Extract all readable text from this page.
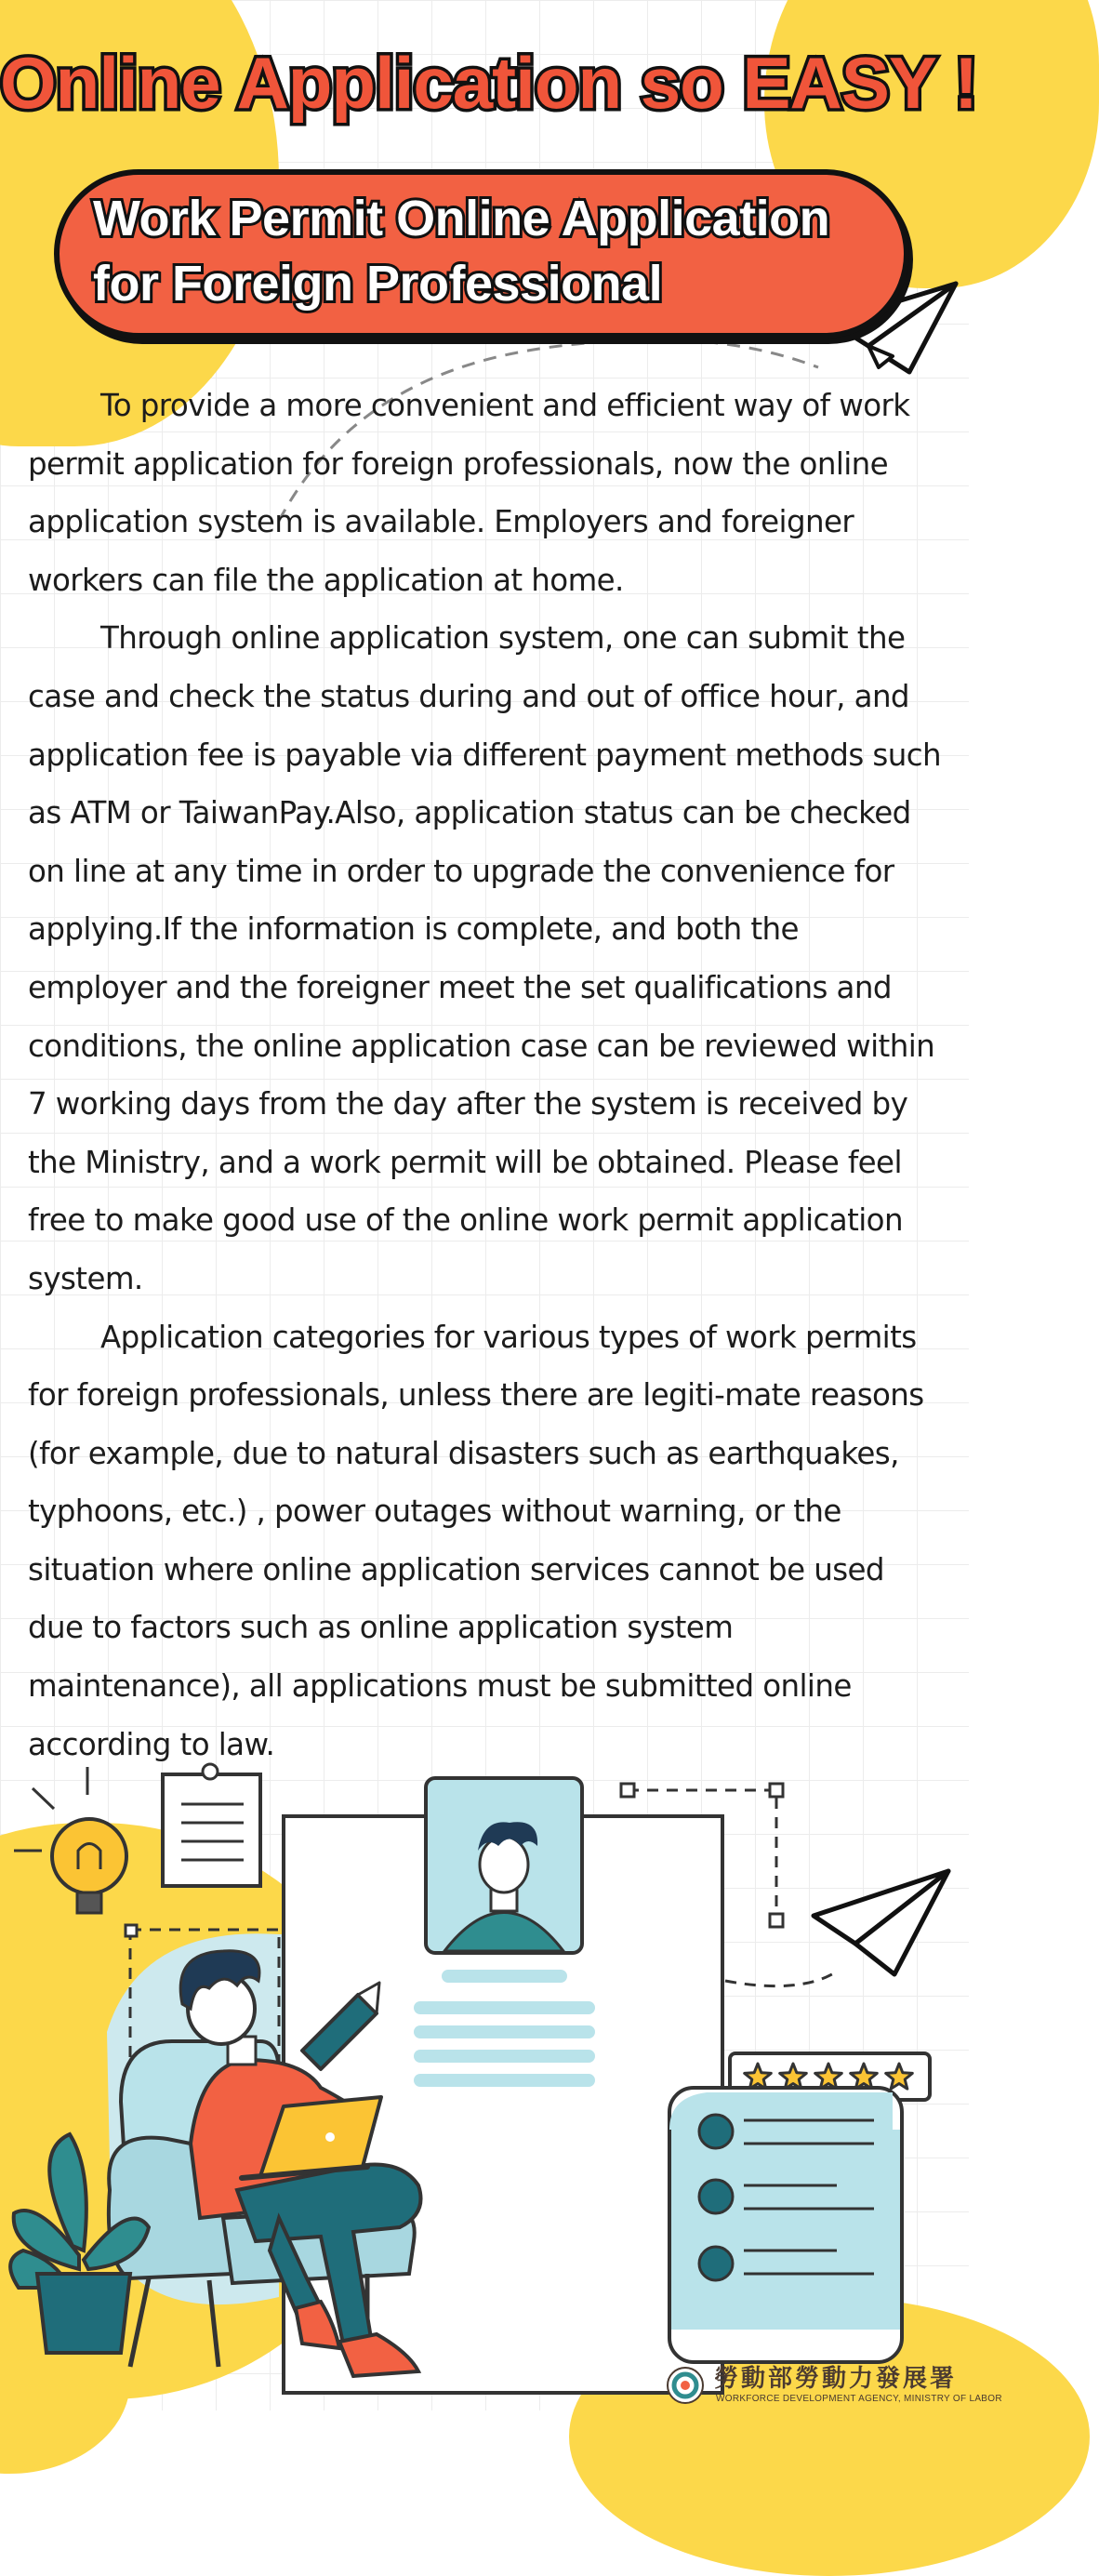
Online Application so EASY !
Work Permit Online Application for Foreign Professional

To provide a more convenient and efficient way of work permit application for foreign professionals, now the online application system is available. Employers and foreigner workers can file the application at home.

Through online application system, one can submit the case and check the status during and out of office hour, and application fee is payable via different payment methods such as ATM or TaiwanPay.Also, application status can be checked on line at any time in order to upgrade the convenience for applying.If the information is complete, and both the employer and the foreigner meet the set qualifications and conditions, the online application case can be reviewed within 7 working days from the day after the system is received by the Ministry, and a work permit will be obtained. Please feel free to make good use of the online work permit application system.

Application categories for various types of work permits for foreign professionals, unless there are legiti-mate reasons (for example, due to natural disasters such as earthquakes, typhoons, etc.) , power outages without warning, or the situation where online application services cannot be used due to factors such as online application system maintenance), all applications must be submitted online according to law.

勞動部勞動力發展署
WORKFORCE DEVELOPMENT AGENCY, MINISTRY OF LABOR
